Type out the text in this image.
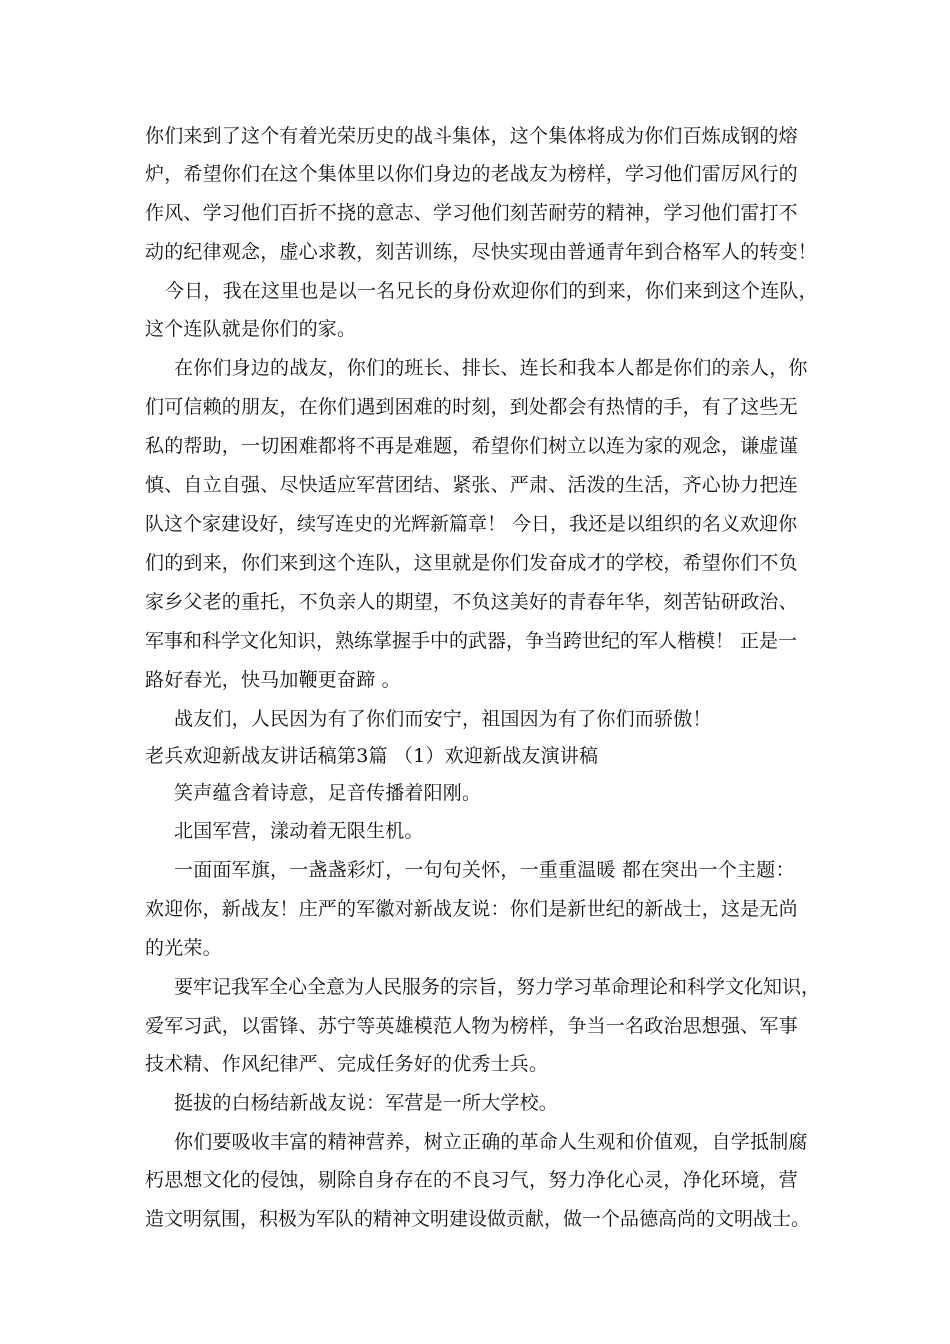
你们来到了这个有着光荣历史的战斗集体，这个集体将成为你们百炼成钢的熔
炉，希望你们在这个集体里以你们身边的老战友为榜样，学习他们雷厉风行的
作风、学习他们百折不挠的意志、学习他们刻苦耐劳的精神，学习他们雷打不
动的纪律观念，虚心求教，刻苦训练，尽快实现由普通青年到合格军人的转变！
今日，我在这里也是以一名兄长的身份欢迎你们的到来，你们来到这个连队，
这个连队就是你们的家。
在你们身边的战友，你们的班长、排长、连长和我本人都是你们的亲人，你
们可信赖的朋友，在你们遇到困难的时刻，到处都会有热情的手，有了这些无
私的帮助，一切困难都将不再是难题，希望你们树立以连为家的观念，谦虚谨
慎、自立自强、尽快适应军营团结、紧张、严肃、活泼的生活，齐心协力把连
队这个家建设好，续写连史的光辉新篇章！ 今日，我还是以组织的名义欢迎你
们的到来，你们来到这个连队，这里就是你们发奋成才的学校，希望你们不负
家乡父老的重托，不负亲人的期望，不负这美好的青春年华，刻苦钻研政治、
军事和科学文化知识，熟练掌握手中的武器，争当跨世纪的军人楷模！ 正是一
路好春光，快马加鞭更奋蹄 。
战友们，人民因为有了你们而安宁，祖国因为有了你们而骄傲！
老兵欢迎新战友讲话稿第3篇 （1）欢迎新战友演讲稿
笑声蕴含着诗意，足音传播着阳刚。
北国军营，漾动着无限生机。
一面面军旗，一盏盏彩灯，一句句关怀，一重重温暖 都在突出一个主题：
欢迎你，新战友！庄严的军徽对新战友说：你们是新世纪的新战士，这是无尚
的光荣。
要牢记我军全心全意为人民服务的宗旨，努力学习革命理论和科学文化知识，
爱军习武，以雷锋、苏宁等英雄模范人物为榜样，争当一名政治思想强、军事
技术精、作风纪律严、完成任务好的优秀士兵。
挺拔的白杨结新战友说：军营是一所大学校。
你们要吸收丰富的精神营养，树立正确的革命人生观和价值观，自学抵制腐
朽思想文化的侵蚀，剔除自身存在的不良习气，努力净化心灵，净化环境，营
造文明氛围，积极为军队的精神文明建设做贡献，做一个品德高尚的文明战士。
